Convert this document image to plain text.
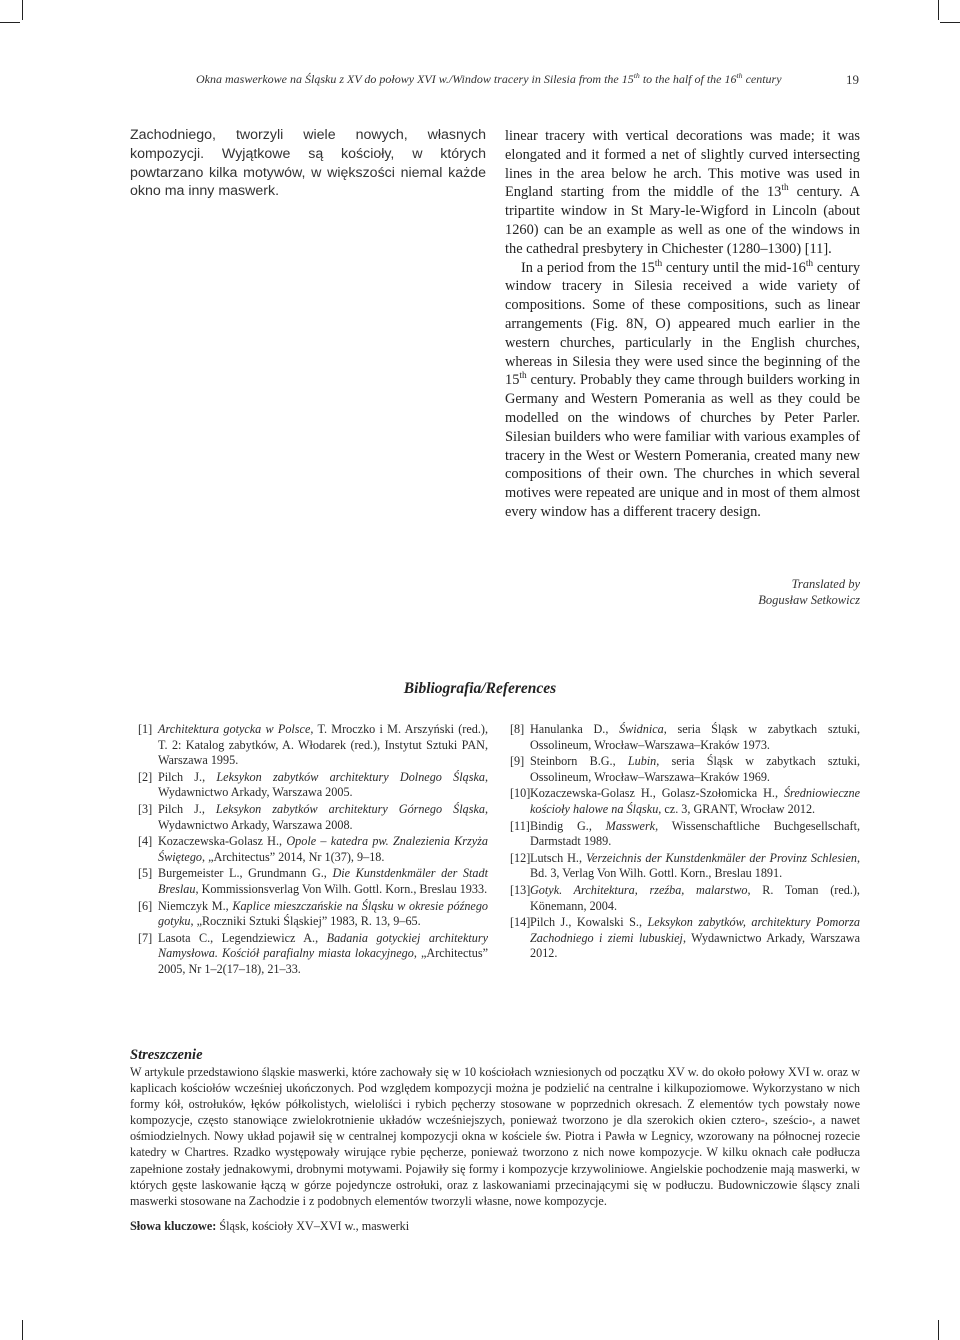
Okna maswerkowe na Śląsku z XV do połowy XVI w./Window tracery in Silesia from the 15th to the half of the 16th century	19
Zachodniego, tworzyli wiele nowych, własnych kompozycji. Wyjątkowe są kościoły, w których powtarzano kilka motywów, w większości niemal każde okno ma inny maswerk.

linear tracery with vertical decorations was made; it was elongated and it formed a net of slightly curved intersecting lines in the area below he arch. This motive was used in England starting from the middle of the 13th century. A tripartite window in St Mary-le-Wigford in Lincoln (about 1260) can be an example as well as one of the windows in the cathedral presbytery in Chichester (1280–1300) [11].

In a period from the 15th century until the mid-16th century window tracery in Silesia received a wide variety of compositions. Some of these compositions, such as linear arrangements (Fig. 8N, O) appeared much earlier in the western churches, particularly in the English churches, whereas in Silesia they were used since the beginning of the 15th century. Probably they came through builders working in Germany and Western Pomerania as well as they could be modelled on the windows of churches by Peter Parler. Silesian builders who were familiar with various examples of tracery in the West or Western Pomerania, created many new compositions of their own. The churches in which several motives were repeated are unique and in most of them almost every window has a different tracery design.

Translated by
Bogusław Setkowicz
Bibliografia/References
[1] Architektura gotycka w Polsce, T. Mroczko i M. Arszyński (red.), T. 2: Katalog zabytków, A. Włodarek (red.), Instytut Sztuki PAN, Warszawa 1995.
[2] Pilch J., Leksykon zabytków architektury Dolnego Śląska, Wydawnictwo Arkady, Warszawa 2005.
[3] Pilch J., Leksykon zabytków architektury Górnego Śląska, Wydawnictwo Arkady, Warszawa 2008.
[4] Kozaczewska-Golasz H., Opole – katedra pw. Znalezienia Krzyża Świętego, „Architectus” 2014, Nr 1(37), 9–18.
[5] Burgemeister L., Grundmann G., Die Kunstdenkmäler der Stadt Breslau, Kommissionsverlag Von Wilh. Gottl. Korn., Breslau 1933.
[6] Niemczyk M., Kaplice mieszczańskie na Śląsku w okresie późnego gotyku, „Roczniki Sztuki Śląskiej” 1983, R. 13, 9–65.
[7] Lasota C., Legendziewicz A., Badania gotyckiej architektury Namysłowa. Kościół parafialny miasta lokacyjnego, „Architectus” 2005, Nr 1–2(17–18), 21–33.
[8] Hanulanka D., Świdnica, seria Śląsk w zabytkach sztuki, Ossolineum, Wrocław–Warszawa–Kraków 1973.
[9] Steinborn B.G., Lubin, seria Śląsk w zabytkach sztuki, Ossolineum, Wrocław–Warszawa–Kraków 1969.
[10] Kozaczewska-Golasz H., Golasz-Szołomicka H., Średniowieczne kościoły halowe na Śląsku, cz. 3, GRANT, Wrocław 2012.
[11] Bindig G., Masswerk, Wissenschaftliche Buchgesellschaft, Darmstadt 1989.
[12] Lutsch H., Verzeichnis der Kunstdenkmäler der Provinz Schlesien, Bd. 3, Verlag Von Wilh. Gottl. Korn., Breslau 1891.
[13] Gotyk. Architektura, rzeźba, malarstwo, R. Toman (red.), Könemann, 2004.
[14] Pilch J., Kowalski S., Leksykon zabytków, architektury Pomorza Zachodniego i ziemi lubuskiej, Wydawnictwo Arkady, Warszawa 2012.
Streszczenie
W artykule przedstawiono śląskie maswerki, które zachowały się w 10 kościołach wzniesionych od początku XV w. do około połowy XVI w. oraz w kaplicach kościołów wcześniej ukończonych. Pod względem kompozycji można je podzielić na centralne i kilkupoziomowe. Wykorzystano w nich formy kół, ostrołuków, łęków półkolistych, wieloliści i rybich pęcherzy stosowane w poprzednich okresach. Z elementów tych powstały nowe kompozycje, często stanowiące zwielokrotnienie układów wcześniejszych, ponieważ tworzono je dla szerokich okien cztero-, sześcio-, a nawet ośmiodzielnych. Nowy układ pojawił się w centralnej kompozycji okna w kościele św. Piotra i Pawła w Legnicy, wzorowany na północnej rozecie katedry w Chartres. Rzadko występowały wirujące rybie pęcherze, ponieważ tworzono z nich nowe kompozycje. W kilku oknach całe podłucza zapełnione zostały jednakowymi, drobnymi motywami. Pojawiły się formy i kompozycje krzywoliniowe. Angielskie pochodzenie mają maswerki, w których gęste laskowanie łączą w górze pojedyncze ostrołuki, oraz z laskowaniami przecinającymi się w podłuczu. Budowniczowie śląscy znali maswerki stosowane na Zachodzie i z podobnych elementów tworzyli własne, nowe kompozycje.
Słowa kluczowe: Śląsk, kościoły XV–XVI w., maswerki
